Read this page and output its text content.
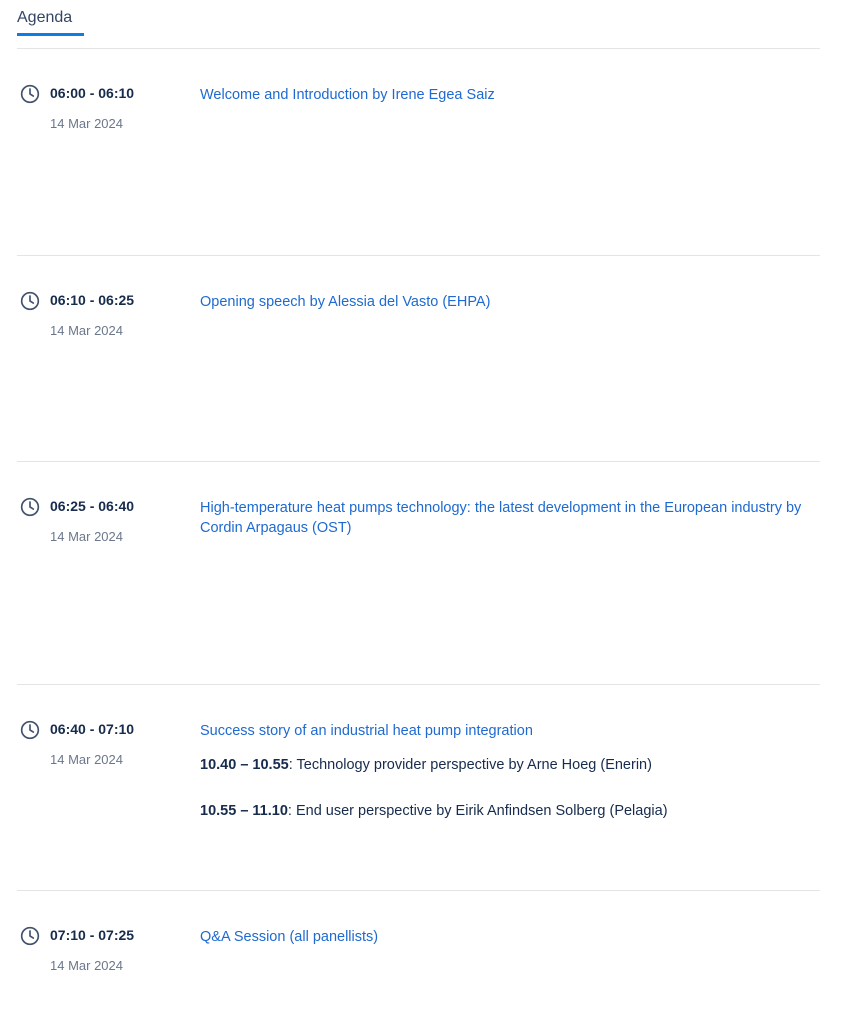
Agenda
06:00 - 06:10
14 Mar 2024
Welcome and Introduction by Irene Egea Saiz
06:10 - 06:25
14 Mar 2024
Opening speech by Alessia del Vasto (EHPA)
06:25 - 06:40
14 Mar 2024
High-temperature heat pumps technology: the latest development in the European industry by Cordin Arpagaus (OST)
06:40 - 07:10
14 Mar 2024
Success story of an industrial heat pump integration

10.40 – 10.55: Technology provider perspective by Arne Hoeg (Enerin)

10.55 – 11.10: End user perspective by Eirik Anfindsen Solberg (Pelagia)

07:10 - 07:25
14 Mar 2024
Q&A Session (all panellists)
